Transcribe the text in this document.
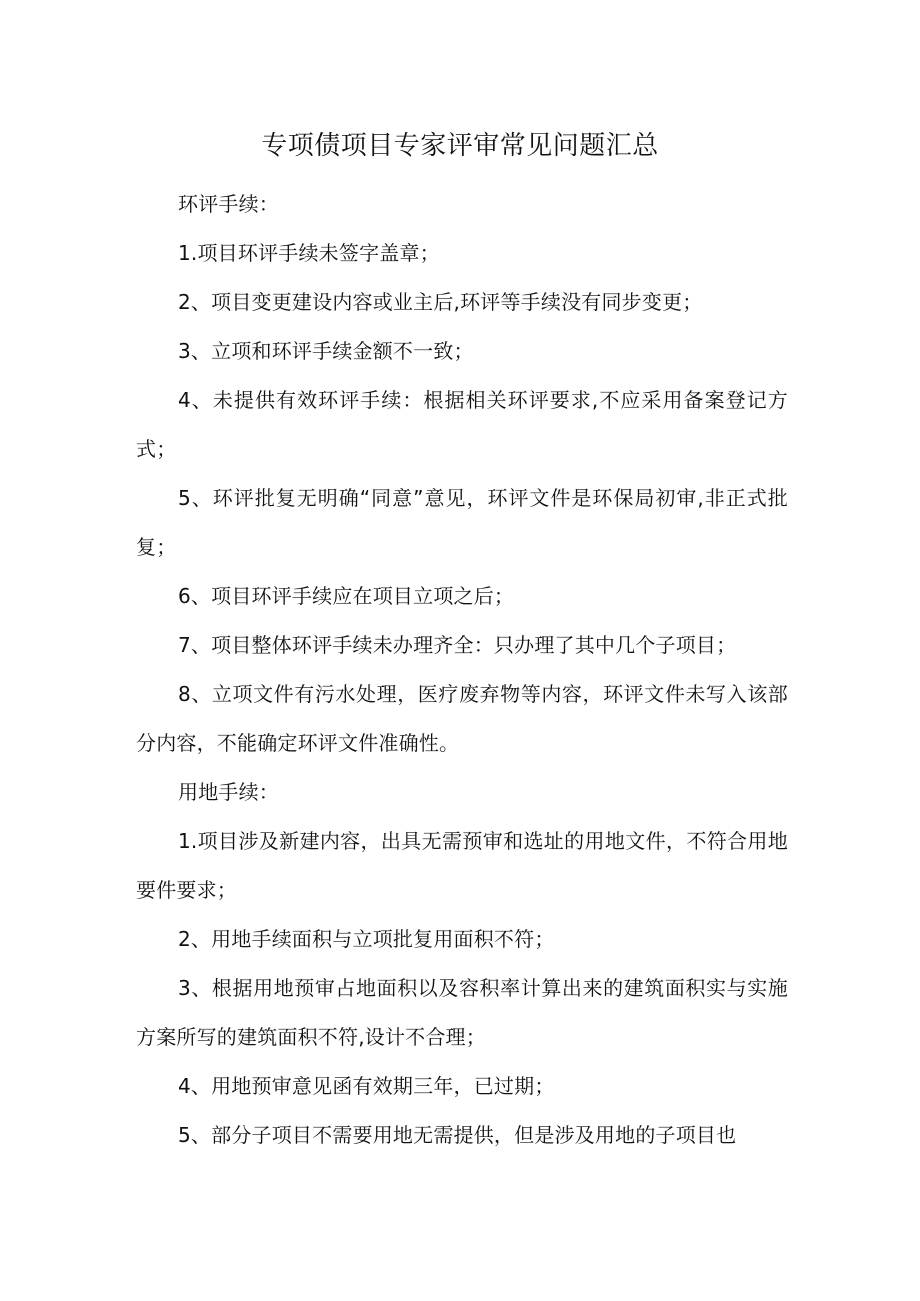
专项债项目专家评审常见问题汇总

环评手续：

1.项目环评手续未签字盖章；

2、项目变更建设内容或业主后,环评等手续没有同步变更；

3、立项和环评手续金额不一致；

4、未提供有效环评手续：根据相关环评要求,不应采用备案登记方式；

5、环评批复无明确“同意”意见，环评文件是环保局初审,非正式批复；

6、项目环评手续应在项目立项之后；

7、项目整体环评手续未办理齐全：只办理了其中几个子项目；

8、立项文件有污水处理，医疗废弃物等内容，环评文件未写入该部分内容，不能确定环评文件准确性。

用地手续：

1.项目涉及新建内容，出具无需预审和选址的用地文件，不符合用地要件要求；

2、用地手续面积与立项批复用面积不符；

3、根据用地预审占地面积以及容积率计算出来的建筑面积实与实施方案所写的建筑面积不符,设计不合理；

4、用地预审意见函有效期三年，已过期；

5、部分子项目不需要用地无需提供，但是涉及用地的子项目也
